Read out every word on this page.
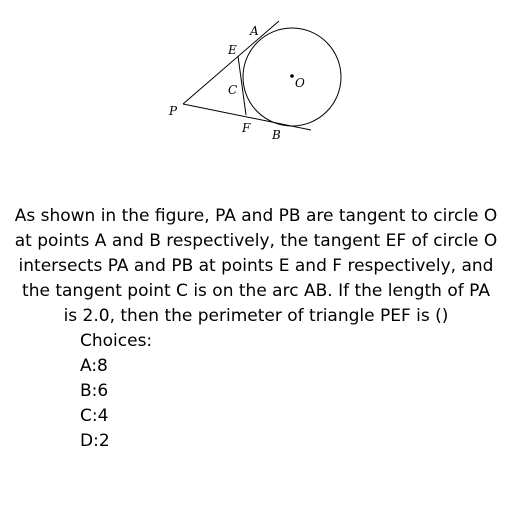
A
E
C	O
P
F B

As shown in the figure, PA and PB are tangent to circle O at points A and B respectively, the tangent EF of circle O intersects PA and PB at points E and F respectively, and the tangent point C is on the arc AB. If the length of PA is 2.0, then the perimeter of triangle PEF is ()

Choices:
A:8
B:6
C:4
D:2
